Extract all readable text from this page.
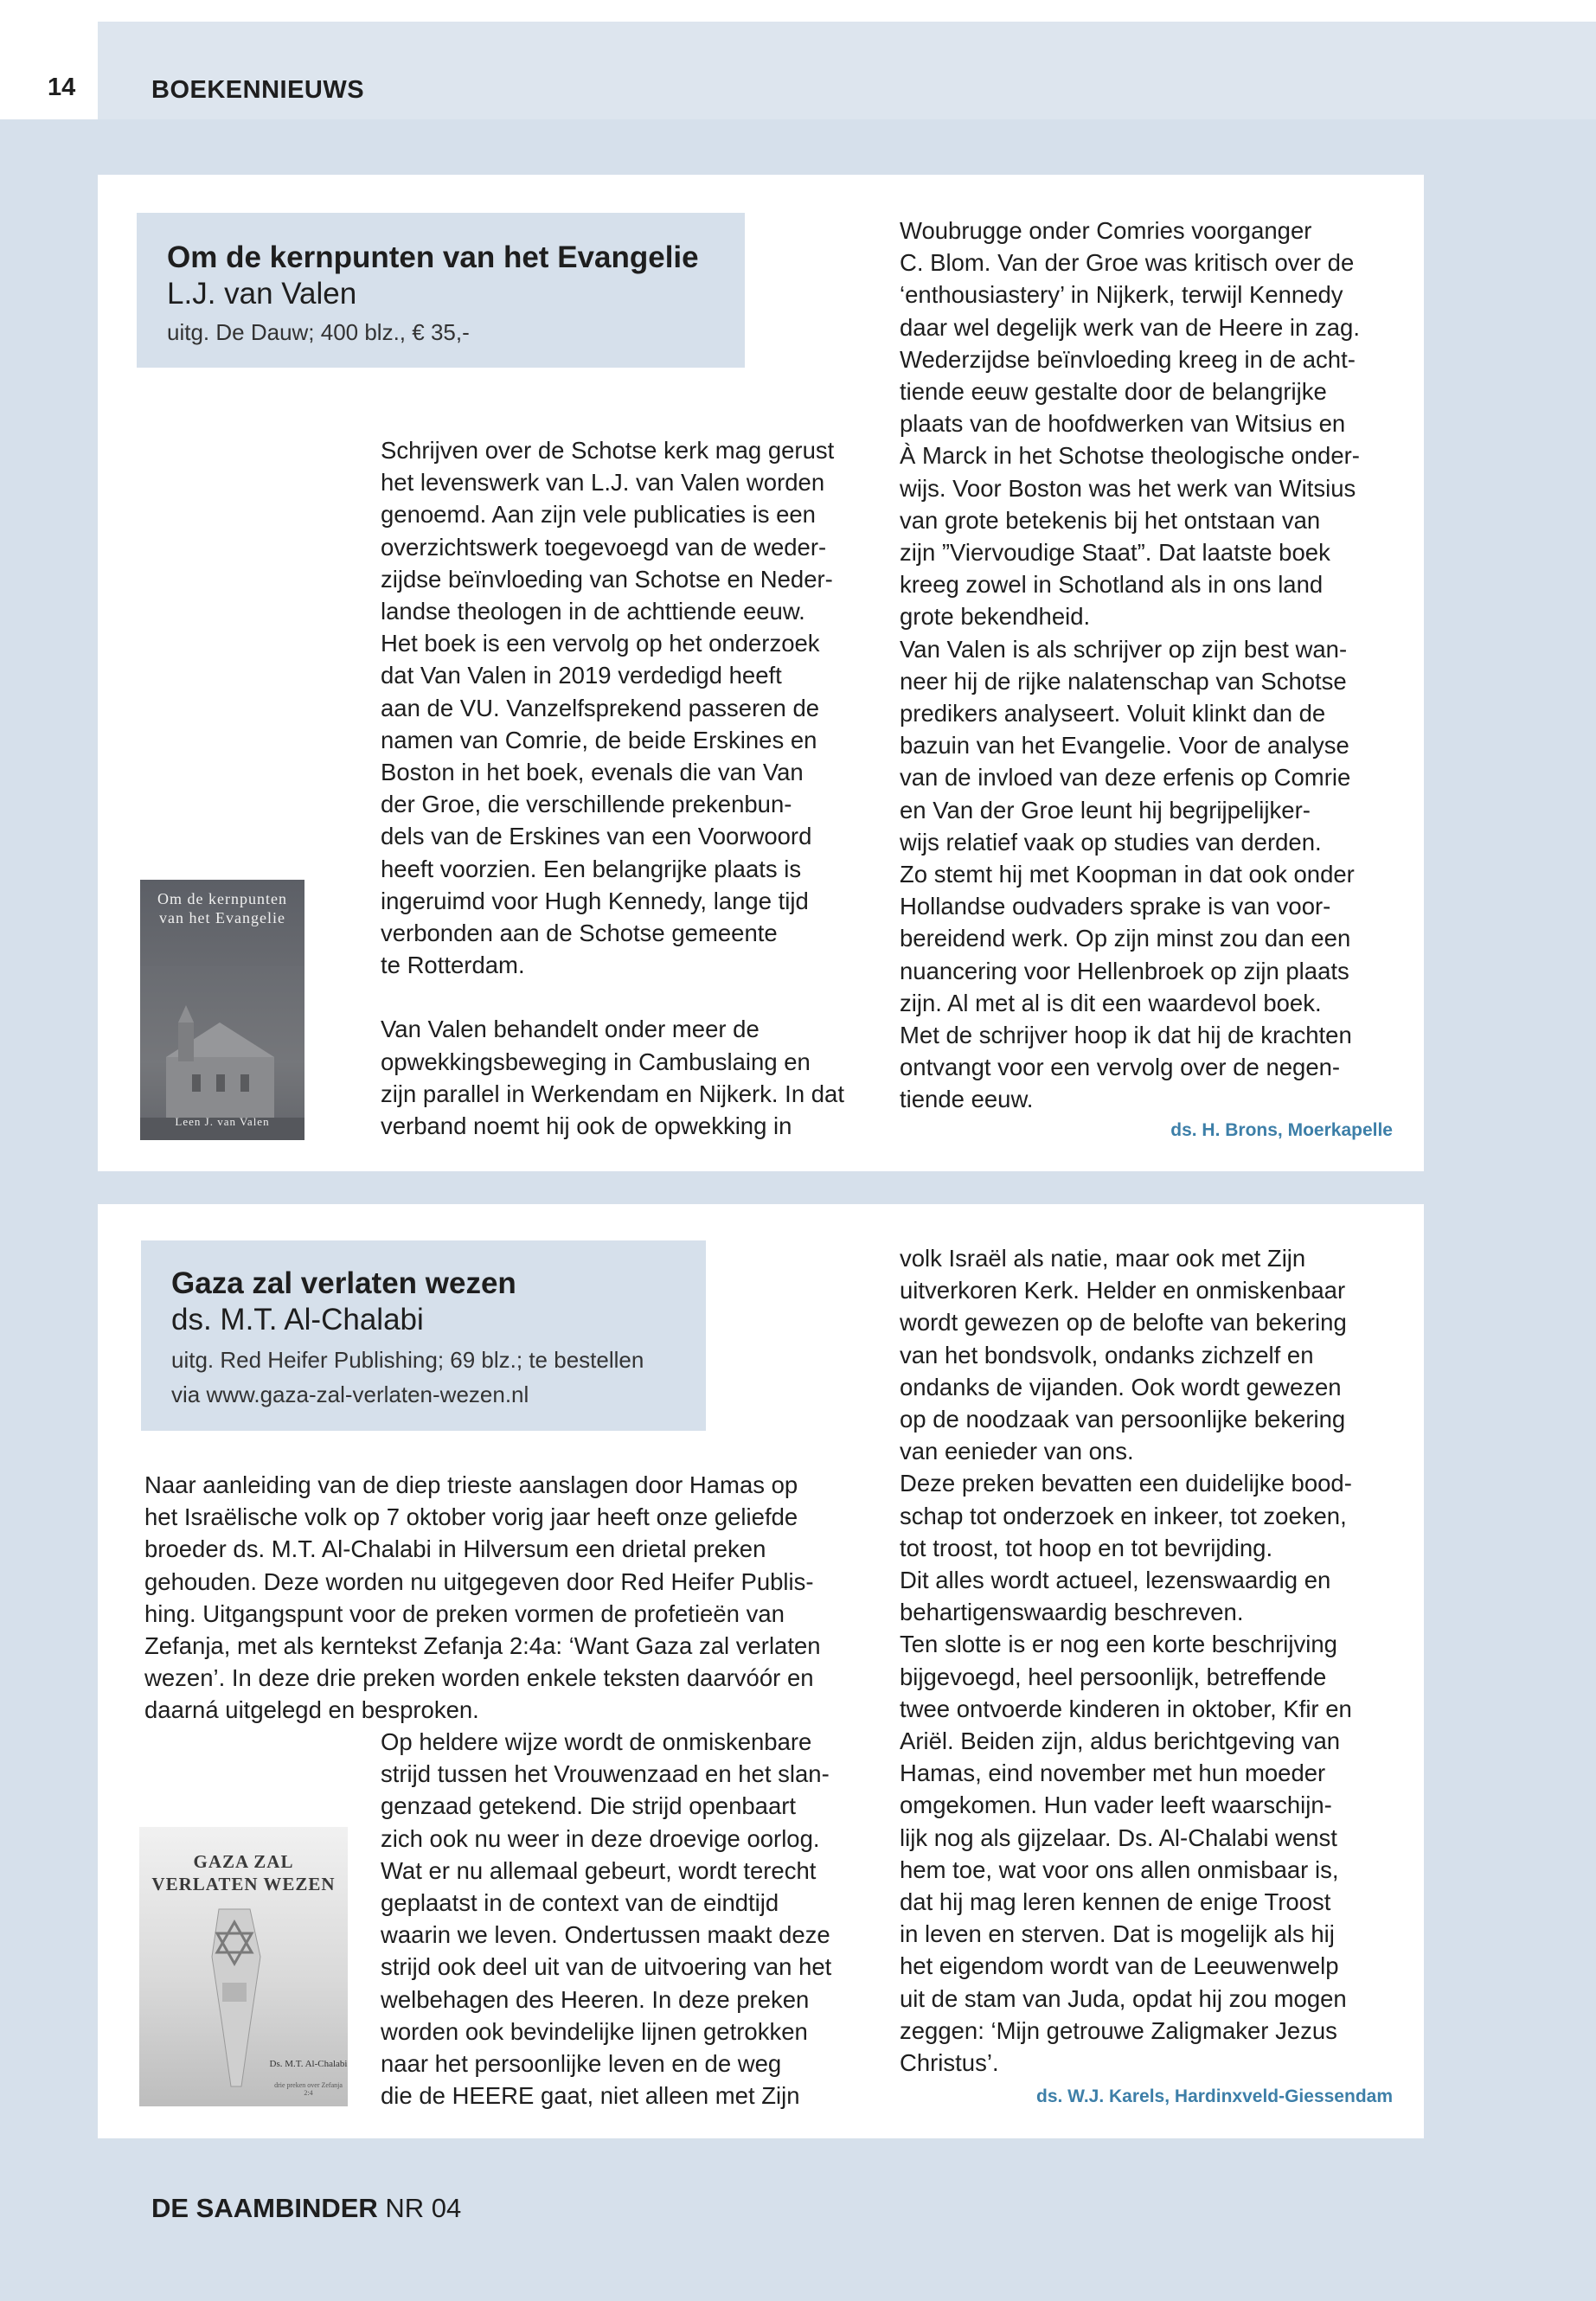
14	BOEKENNIEUWS
Om de kernpunten van het Evangelie
L.J. van Valen
uitg. De Dauw; 400 blz., € 35,-
Om de kernpunten
van het Evangelie
Leen J. van Valen

Schrijven over de Schotse kerk mag gerust
het levenswerk van L.J. van Valen worden
genoemd. Aan zijn vele publicaties is een
overzichtswerk toegevoegd van de weder-
zijdse beïnvloeding van Schotse en Neder-
landse theologen in de achttiende eeuw.
Het boek is een vervolg op het onderzoek
dat Van Valen in 2019 verdedigd heeft
aan de VU. Vanzelfsprekend passeren de
namen van Comrie, de beide Erskines en
Boston in het boek, evenals die van Van
der Groe, die verschillende prekenbun-
dels van de Erskines van een Voorwoord
heeft voorzien. Een belangrijke plaats is
ingeruimd voor Hugh Kennedy, lange tijd
verbonden aan de Schotse gemeente
te Rotterdam.

Van Valen behandelt onder meer de
opwekkingsbeweging in Cambuslaing en
zijn parallel in Werkendam en Nijkerk. In dat
verband noemt hij ook de opwekking in

Woubrugge onder Comries voorganger
C. Blom. Van der Groe was kritisch over de
‘enthousiastery’ in Nijkerk, terwijl Kennedy
daar wel degelijk werk van de Heere in zag.
Wederzijdse beïnvloeding kreeg in de acht-
tiende eeuw gestalte door de belangrijke
plaats van de hoofdwerken van Witsius en
À Marck in het Schotse theologische onder-
wijs. Voor Boston was het werk van Witsius
van grote betekenis bij het ontstaan van
zijn ”Viervoudige Staat”. Dat laatste boek
kreeg zowel in Schotland als in ons land
grote bekendheid.
Van Valen is als schrijver op zijn best wan-
neer hij de rijke nalatenschap van Schotse
predikers analyseert. Voluit klinkt dan de
bazuin van het Evangelie. Voor de analyse
van de invloed van deze erfenis op Comrie
en Van der Groe leunt hij begrijpelijker-
wijs relatief vaak op studies van derden.
Zo stemt hij met Koopman in dat ook onder
Hollandse oudvaders sprake is van voor-
bereidend werk. Op zijn minst zou dan een
nuancering voor Hellenbroek op zijn plaats
zijn. Al met al is dit een waardevol boek.
Met de schrijver hoop ik dat hij de krachten
ontvangt voor een vervolg over de negen-
tiende eeuw.

ds. H. Brons, Moerkapelle
Gaza zal verlaten wezen
ds. M.T. Al-Chalabi
uitg. Red Heifer Publishing; 69 blz.; te bestellen
via www.gaza-zal-verlaten-wezen.nl

Naar aanleiding van de diep trieste aanslagen door Hamas op
het Israëlische volk op 7 oktober vorig jaar heeft onze geliefde
broeder ds. M.T. Al-Chalabi in Hilversum een drietal preken
gehouden. Deze worden nu uitgegeven door Red Heifer Publis-
hing. Uitgangspunt voor de preken vormen de profetieën van
Zefanja, met als kerntekst Zefanja 2:4a: ‘Want Gaza zal verlaten
wezen’. In deze drie preken worden enkele teksten daarvóór en
daarná uitgelegd en besproken.

GAZA ZAL
VERLATEN WEZEN
Ds. M.T. Al-Chalabi
drie preken over Zefanja 2:4

Op heldere wijze wordt de onmiskenbare
strijd tussen het Vrouwenzaad en het slan-
genzaad getekend. Die strijd openbaart
zich ook nu weer in deze droevige oorlog.
Wat er nu allemaal gebeurt, wordt terecht
geplaatst in de context van de eindtijd
waarin we leven. Ondertussen maakt deze
strijd ook deel uit van de uitvoering van het
welbehagen des Heeren. In deze preken
worden ook bevindelijke lijnen getrokken
naar het persoonlijke leven en de weg
die de HEERE gaat, niet alleen met Zijn

volk Israël als natie, maar ook met Zijn
uitverkoren Kerk. Helder en onmiskenbaar
wordt gewezen op de belofte van bekering
van het bondsvolk, ondanks zichzelf en
ondanks de vijanden. Ook wordt gewezen
op de noodzaak van persoonlijke bekering
van eenieder van ons.
Deze preken bevatten een duidelijke bood-
schap tot onderzoek en inkeer, tot zoeken,
tot troost, tot hoop en tot bevrijding.
Dit alles wordt actueel, lezenswaardig en
behartigenswaardig beschreven.
Ten slotte is er nog een korte beschrijving
bijgevoegd, heel persoonlijk, betreffende
twee ontvoerde kinderen in oktober, Kfir en
Ariël. Beiden zijn, aldus berichtgeving van
Hamas, eind november met hun moeder
omgekomen. Hun vader leeft waarschijn-
lijk nog als gijzelaar. Ds. Al-Chalabi wenst
hem toe, wat voor ons allen onmisbaar is,
dat hij mag leren kennen de enige Troost
in leven en sterven. Dat is mogelijk als hij
het eigendom wordt van de Leeuwenwelp
uit de stam van Juda, opdat hij zou mogen
zeggen: ‘Mijn getrouwe Zaligmaker Jezus
Christus’.

ds. W.J. Karels, Hardinxveld-Giessendam
DE SAAMBINDER NR 04
